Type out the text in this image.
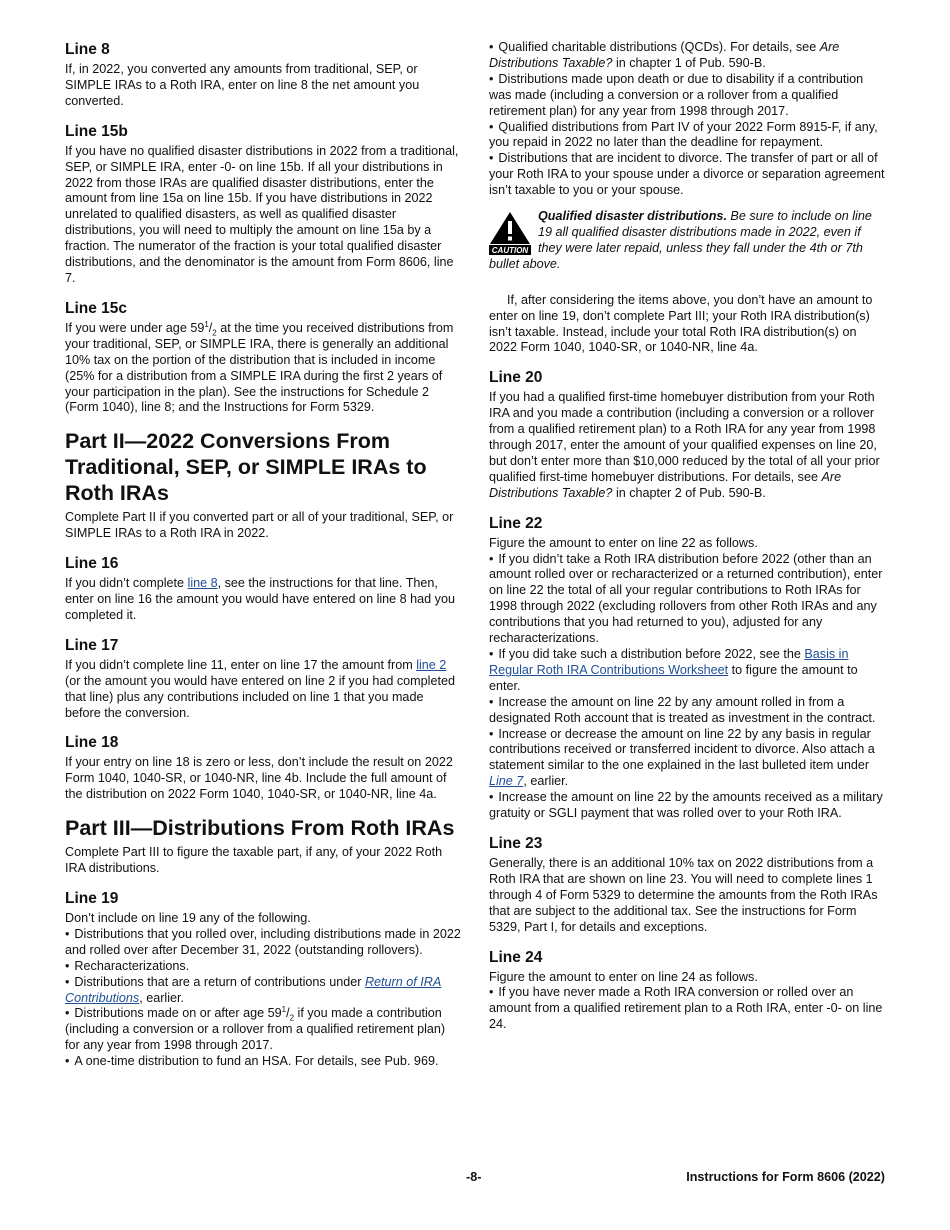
Line 8

If, in 2022, you converted any amounts from traditional, SEP, or SIMPLE IRAs to a Roth IRA, enter on line 8 the net amount you converted.

Line 15b

If you have no qualified disaster distributions in 2022 from a traditional, SEP, or SIMPLE IRA, enter -0- on line 15b. If all your distributions in 2022 from those IRAs are qualified disaster distributions, enter the amount from line 15a on line 15b. If you have distributions in 2022 unrelated to qualified disasters, as well as qualified disaster distributions, you will need to multiply the amount on line 15a by a fraction. The numerator of the fraction is your total qualified disaster distributions, and the denominator is the amount from Form 8606, line 7.

Line 15c

If you were under age $59^1/_2$ at the time you received distributions from your traditional, SEP, or SIMPLE IRA, there is generally an additional 10% tax on the portion of the distribution that is included in income (25% for a distribution from a SIMPLE IRA during the first 2 years of your participation in the plan). See the instructions for Schedule 2 (Form 1040), line 8; and the Instructions for Form 5329.

Part II—2022 Conversions From Traditional, SEP, or SIMPLE IRAs to Roth IRAs

Complete Part II if you converted part or all of your traditional, SEP, or SIMPLE IRAs to a Roth IRA in 2022.

Line 16

If you didn’t complete line 8, see the instructions for that line. Then, enter on line 16 the amount you would have entered on line 8 had you completed it.

Line 17

If you didn’t complete line 11, enter on line 17 the amount from line 2 (or the amount you would have entered on line 2 if you had completed that line) plus any contributions included on line 1 that you made before the conversion.

Line 18

If your entry on line 18 is zero or less, don’t include the result on 2022 Form 1040, 1040-SR, or 1040-NR, line 4b. Include the full amount of the distribution on 2022 Form 1040, 1040-SR, or 1040-NR, line 4a.

Part III—Distributions From Roth IRAs

Complete Part III to figure the taxable part, if any, of your 2022 Roth IRA distributions.

Line 19

Don’t include on line 19 any of the following.

• Distributions that you rolled over, including distributions made in 2022 and rolled over after December 31, 2022 (outstanding rollovers).

• Recharacterizations.

• Distributions that are a return of contributions under Return of IRA Contributions, earlier.

• Distributions made on or after age $59^1/_2$ if you made a contribution (including a conversion or a rollover from a qualified retirement plan) for any year from 1998 through 2017.

• A one-time distribution to fund an HSA. For details, see Pub. 969.

• Qualified charitable distributions (QCDs). For details, see Are Distributions Taxable? in chapter 1 of Pub. 590-B.

• Distributions made upon death or due to disability if a contribution was made (including a conversion or a rollover from a qualified retirement plan) for any year from 1998 through 2017.

• Qualified distributions from Part IV of your 2022 Form 8915-F, if any, you repaid in 2022 no later than the deadline for repayment.

• Distributions that are incident to divorce. The transfer of part or all of your Roth IRA to your spouse under a divorce or separation agreement isn’t taxable to you or your spouse.

CAUTION
Qualified disaster distributions. Be sure to include on line 19 all qualified disaster distributions made in 2022, even if they were later repaid, unless they fall under the 4th or 7th bullet above.

If, after considering the items above, you don’t have an amount to enter on line 19, don’t complete Part III; your Roth IRA distribution(s) isn’t taxable. Instead, include your total Roth IRA distribution(s) on 2022 Form 1040, 1040-SR, or 1040-NR, line 4a.

Line 20

If you had a qualified first-time homebuyer distribution from your Roth IRA and you made a contribution (including a conversion or a rollover from a qualified retirement plan) to a Roth IRA for any year from 1998 through 2017, enter the amount of your qualified expenses on line 20, but don’t enter more than $10,000 reduced by the total of all your prior qualified first-time homebuyer distributions. For details, see Are Distributions Taxable? in chapter 2 of Pub. 590-B.

Line 22

Figure the amount to enter on line 22 as follows.

• If you didn’t take a Roth IRA distribution before 2022 (other than an amount rolled over or recharacterized or a returned contribution), enter on line 22 the total of all your regular contributions to Roth IRAs for 1998 through 2022 (excluding rollovers from other Roth IRAs and any contributions that you had returned to you), adjusted for any recharacterizations.

• If you did take such a distribution before 2022, see the Basis in Regular Roth IRA Contributions Worksheet to figure the amount to enter.

• Increase the amount on line 22 by any amount rolled in from a designated Roth account that is treated as investment in the contract.

• Increase or decrease the amount on line 22 by any basis in regular contributions received or transferred incident to divorce. Also attach a statement similar to the one explained in the last bulleted item under Line 7, earlier.

• Increase the amount on line 22 by the amounts received as a military gratuity or SGLI payment that was rolled over to your Roth IRA.

Line 23

Generally, there is an additional 10% tax on 2022 distributions from a Roth IRA that are shown on line 23. You will need to complete lines 1 through 4 of Form 5329 to determine the amounts from the Roth IRAs that are subject to the additional tax. See the instructions for Form 5329, Part I, for details and exceptions.

Line 24

Figure the amount to enter on line 24 as follows.

• If you have never made a Roth IRA conversion or rolled over an amount from a qualified retirement plan to a Roth IRA, enter -0- on line 24.

-8-	Instructions for Form 8606 (2022)
